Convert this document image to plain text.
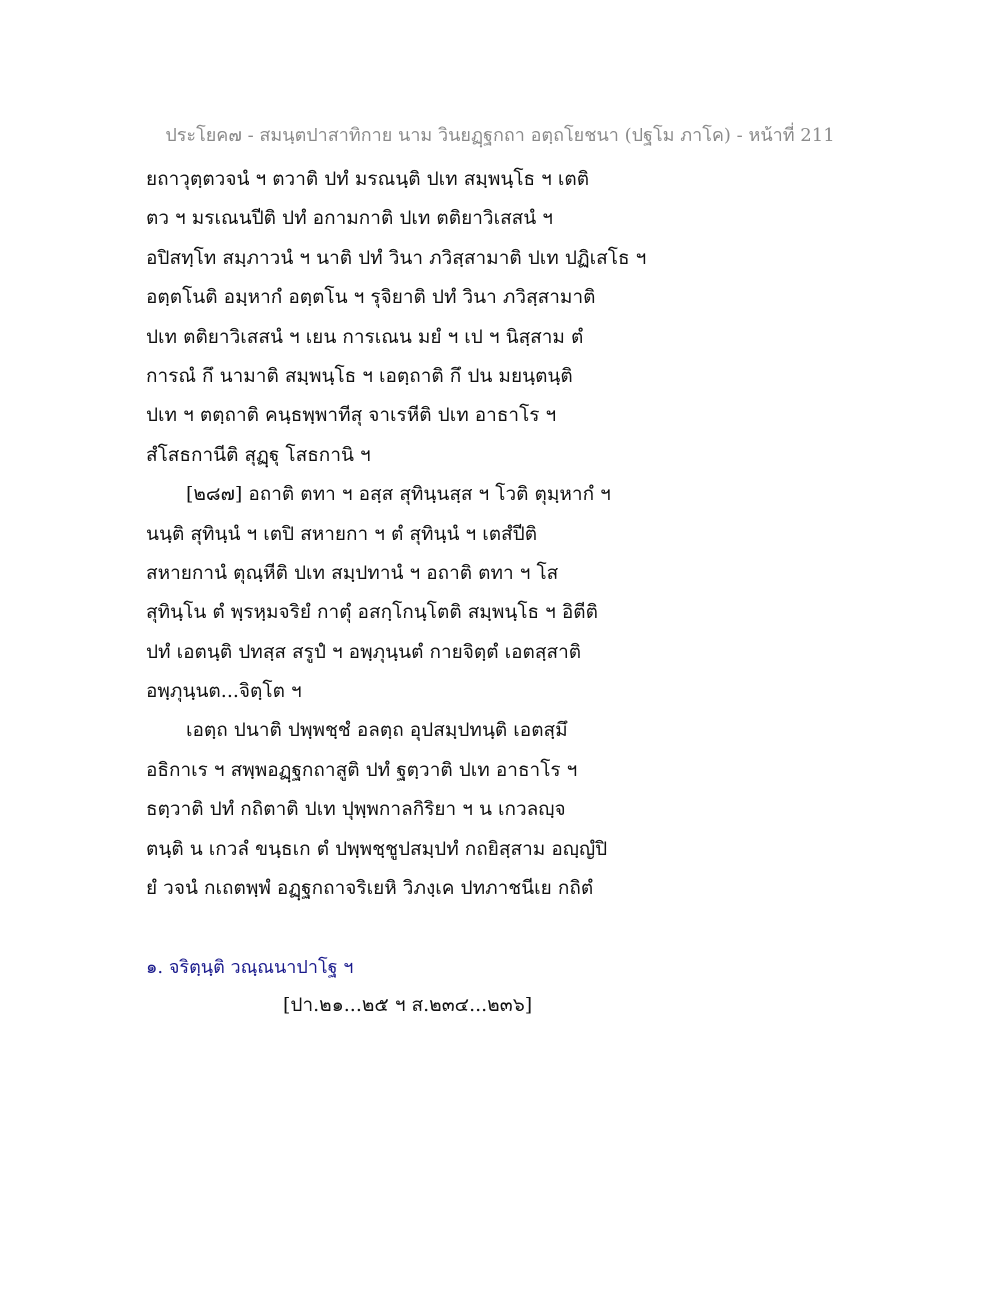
ประโยค๗ - สมนฺตปาสาทิกาย นาม วินยฏฺฐกถา อตฺถโยชนา (ปฐโม ภาโค) - หน้าที่ 211
ยถาวุตฺตวจนํ ฯ ตวาติ ปทํ มรณนฺติ ปเท สมฺพนฺโธ ฯ เตติ
ตว ฯ มรเณนปีติ ปทํ อกามกาติ ปเท ตติยาวิเสสนํ ฯ
อปิสทฺโท สมฺภาวนํ ฯ นาติ ปทํ วินา ภวิสฺสามาติ ปเท ปฏิเสโธ ฯ
อตฺตโนติ อมฺหากํ อตฺตโน ฯ รุจิยาติ ปทํ วินา ภวิสฺสามาติ
ปเท ตติยาวิเสสนํ ฯ เยน การเณน มยํ ฯ เป ฯ นิสฺสาม ตํ
การณํ กึ นามาติ สมฺพนฺโธ ฯ เอตฺถาติ กึ ปน มยนฺตนฺติ
ปเท ฯ ตตฺถาติ คนฺธพฺพาทีสุ จาเรหีติ ปเท อาธาโร ฯ
สํโสธกานีติ สุฏฺฐุ โสธกานิ ฯ
[๒๘๗] อถาติ ตทา ฯ อสฺส สุทินฺนสฺส ฯ โวติ ตุมฺหากํ ฯ
นนฺติ สุทินฺนํ ฯ เตปิ สหายกา ฯ ตํ สุทินฺนํ ฯ เตสํปีติ
สหายกานํ ตุณฺหีติ ปเท สมฺปทานํ ฯ อถาติ ตทา ฯ โส
สุทินฺโน ตํ พฺรหฺมจริยํ กาตุํ อสกฺโกนฺโตติ สมฺพนฺโธ ฯ อิตีติ
ปทํ เอตนฺติ ปทสฺส สรูปํ ฯ อพฺภุนฺนตํ กายจิตฺตํ เอตสฺสาติ
อพฺภุนฺนต...จิตฺโต ฯ
เอตฺถ ปนาติ ปพฺพชฺชํ อลตฺถ อุปสมฺปทนฺติ เอตสฺมึ
อธิกาเร ฯ สพฺพอฏฺฐกถาสูติ ปทํ ฐตฺวาติ ปเท อาธาโร ฯ
ธตฺวาติ ปทํ กถิตาติ ปเท ปุพฺพกาลกิริยา ฯ น เกวลญฺจ
ตนฺติ น เกวลํ ขนฺธเก ตํ ปพฺพชฺชูปสมฺปทํ กถยิสฺสาม อญฺญํปิ
ยํ วจนํ กเถตพฺพํ อฏฺฐกถาจริเยหิ วิภงฺเค ปทภาชนีเย กถิตํ
๑. จริตฺนฺติ วณฺณนาปาโฐ ฯ
[ปา.๒๑...๒๕ ฯ ส.๒๓๔...๒๓๖]
